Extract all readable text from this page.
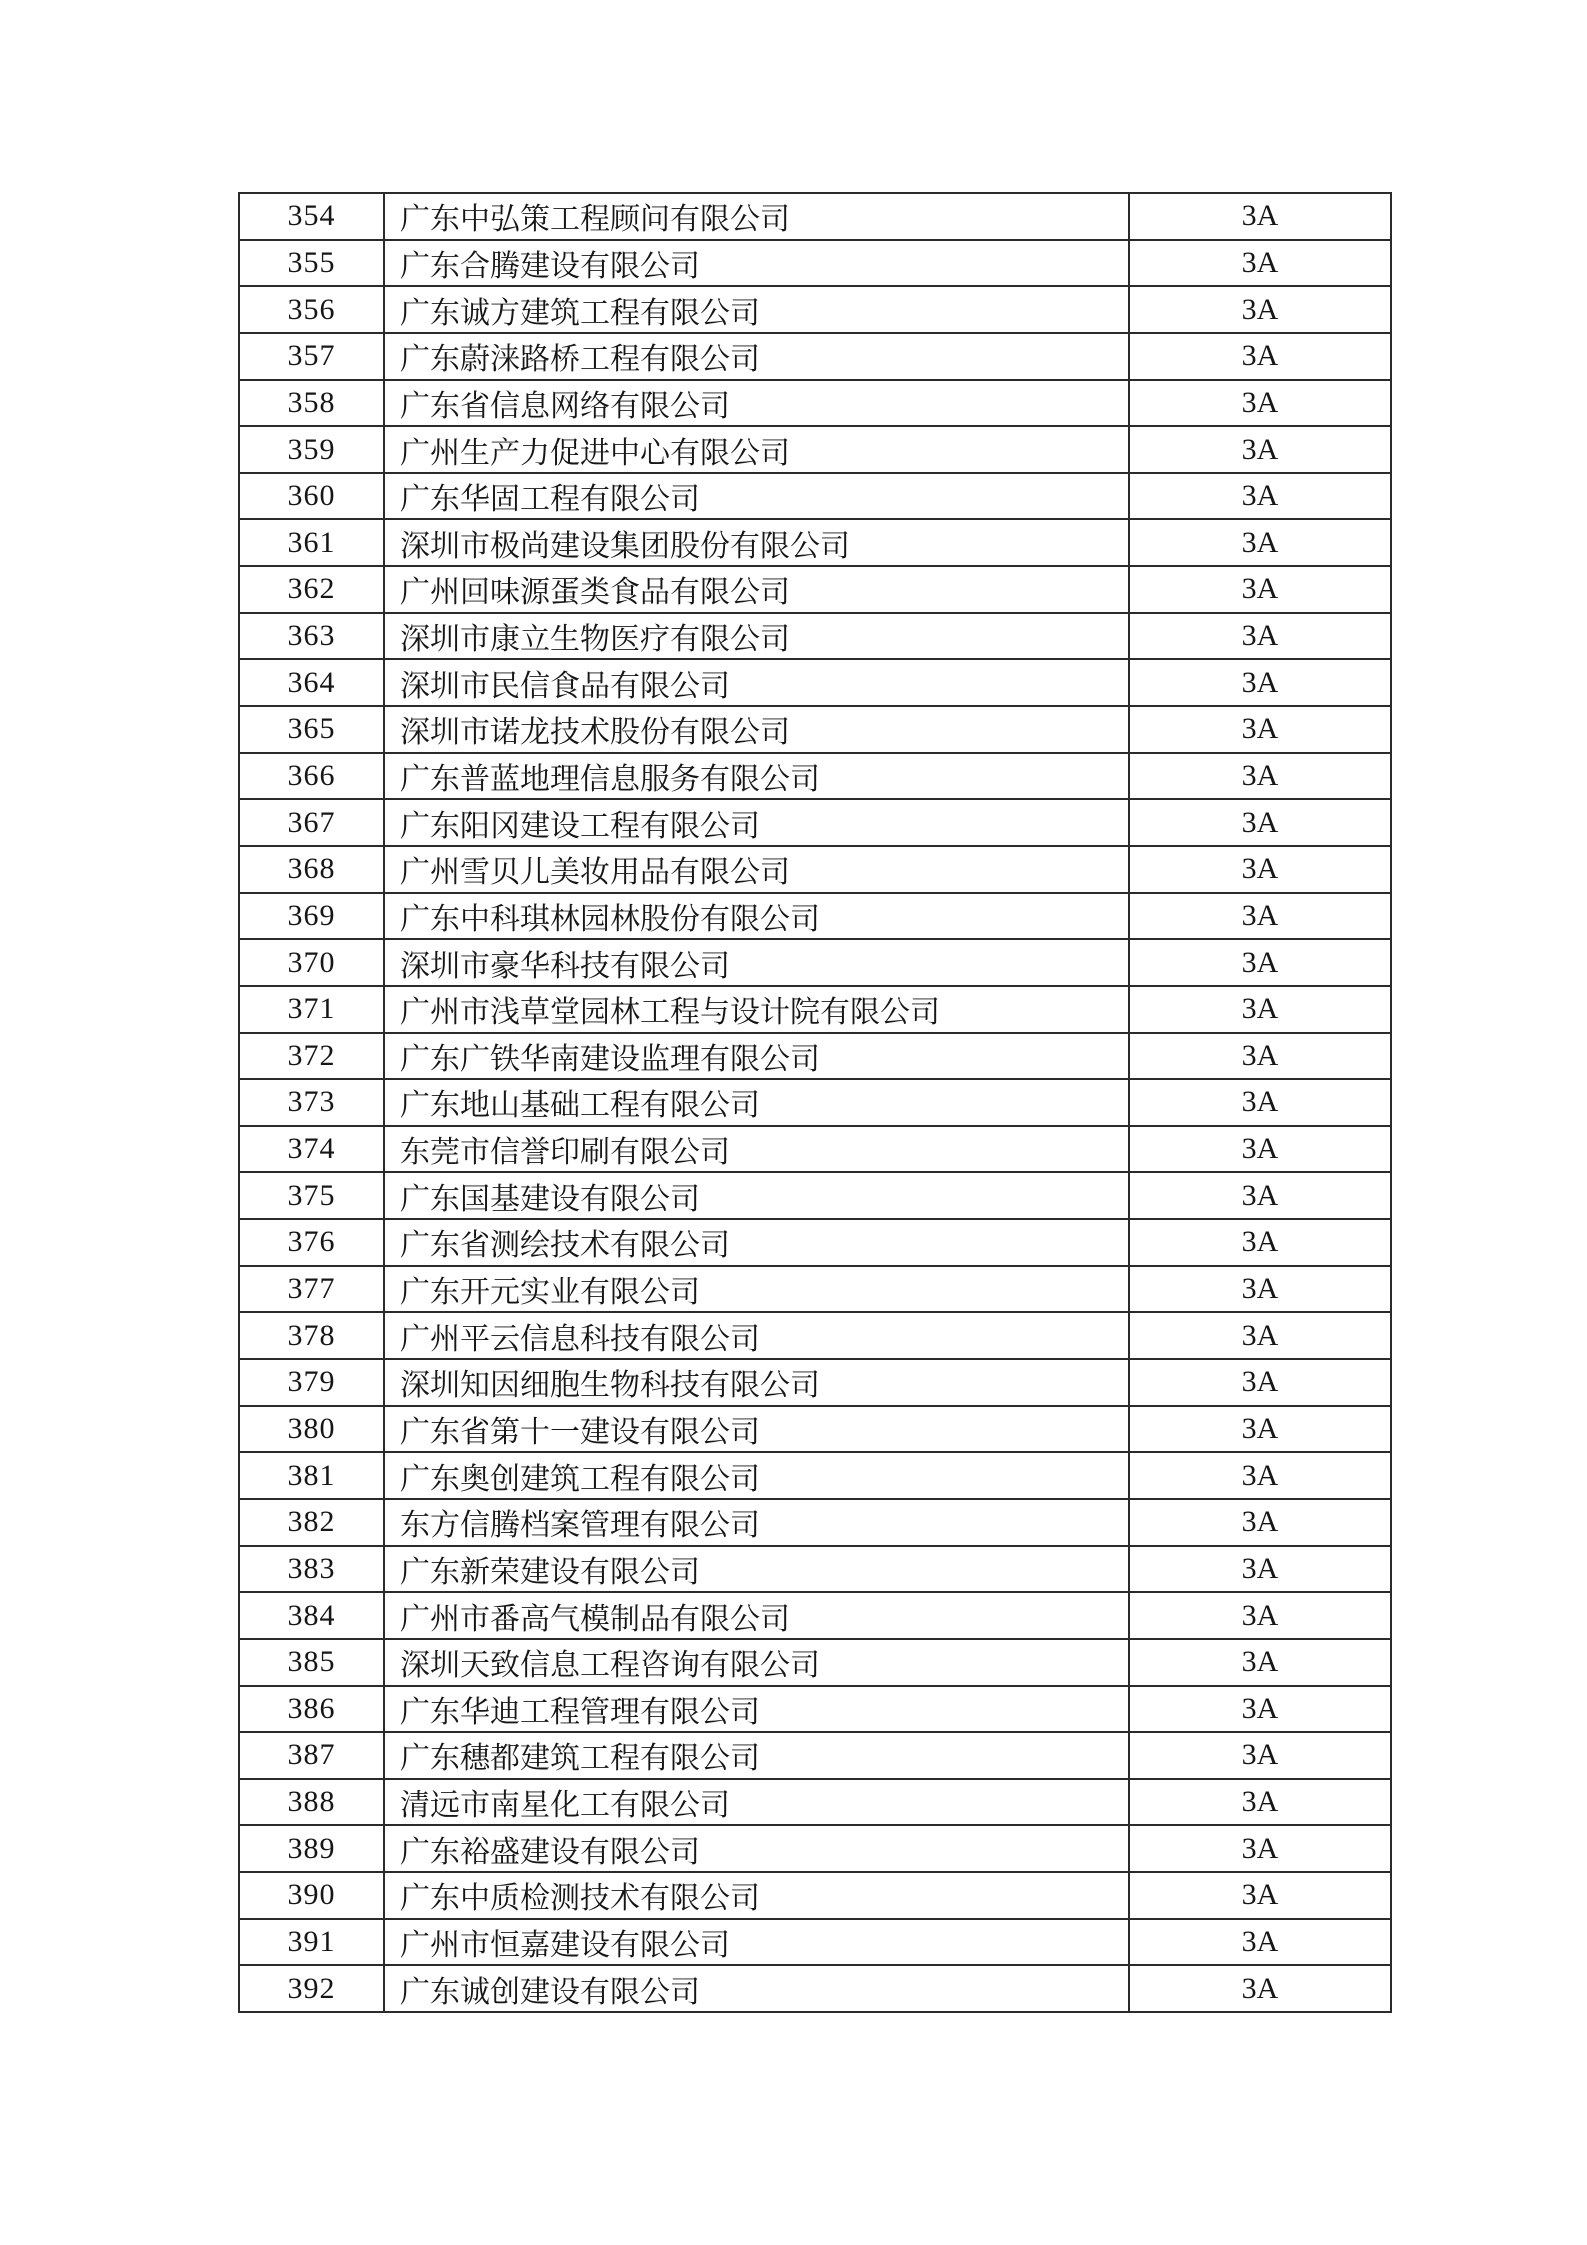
354	广东中弘策工程顾问有限公司	3A
355	广东合腾建设有限公司	3A
356	广东诚方建筑工程有限公司	3A
357	广东蔚涞路桥工程有限公司	3A
358	广东省信息网络有限公司	3A
359	广州生产力促进中心有限公司	3A
360	广东华固工程有限公司	3A
361	深圳市极尚建设集团股份有限公司	3A
362	广州回味源蛋类食品有限公司	3A
363	深圳市康立生物医疗有限公司	3A
364	深圳市民信食品有限公司	3A
365	深圳市诺龙技术股份有限公司	3A
366	广东普蓝地理信息服务有限公司	3A
367	广东阳冈建设工程有限公司	3A
368	广州雪贝儿美妆用品有限公司	3A
369	广东中科琪林园林股份有限公司	3A
370	深圳市豪华科技有限公司	3A
371	广州市浅草堂园林工程与设计院有限公司	3A
372	广东广铁华南建设监理有限公司	3A
373	广东地山基础工程有限公司	3A
374	东莞市信誉印刷有限公司	3A
375	广东国基建设有限公司	3A
376	广东省测绘技术有限公司	3A
377	广东开元实业有限公司	3A
378	广州平云信息科技有限公司	3A
379	深圳知因细胞生物科技有限公司	3A
380	广东省第十一建设有限公司	3A
381	广东奥创建筑工程有限公司	3A
382	东方信腾档案管理有限公司	3A
383	广东新荣建设有限公司	3A
384	广州市番高气模制品有限公司	3A
385	深圳天致信息工程咨询有限公司	3A
386	广东华迪工程管理有限公司	3A
387	广东穗都建筑工程有限公司	3A
388	清远市南星化工有限公司	3A
389	广东裕盛建设有限公司	3A
390	广东中质检测技术有限公司	3A
391	广州市恒嘉建设有限公司	3A
392	广东诚创建设有限公司	3A
